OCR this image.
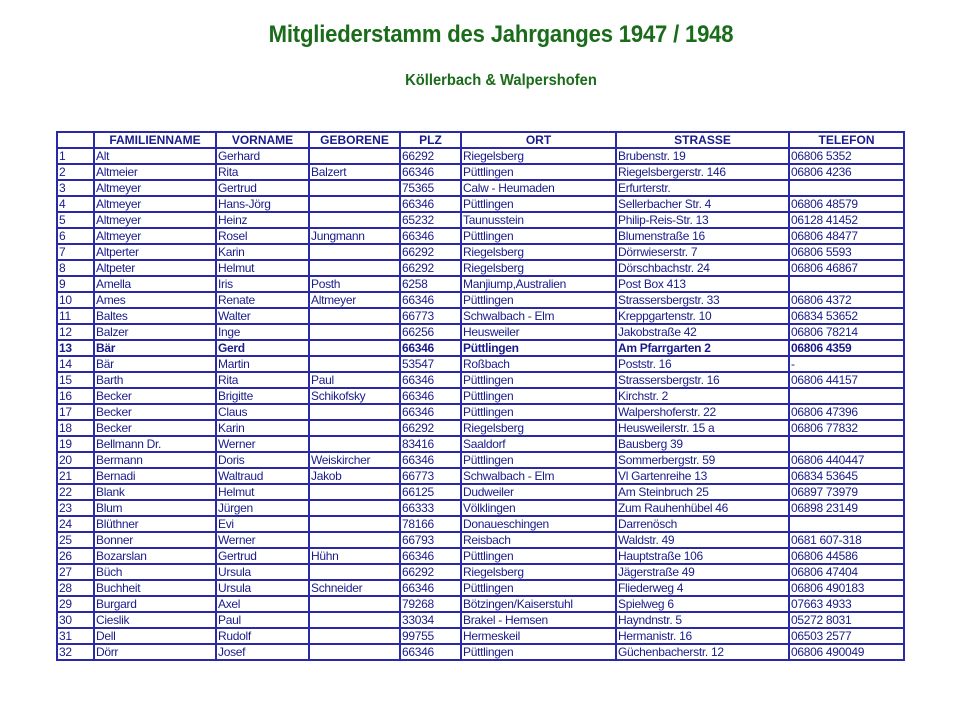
Mitgliederstamm des Jahrganges 1947 / 1948
Köllerbach & Walpershofen
	FAMILIENNAME	VORNAME	GEBORENE	PLZ	ORT	STRASSE	TELEFON
1	Alt	Gerhard		66292	Riegelsberg	Brubenstr. 19	06806 5352
2	Altmeier	Rita	Balzert	66346	Püttlingen	Riegelsbergerstr. 146	06806 4236
3	Altmeyer	Gertrud		75365	Calw - Heumaden	Erfurterstr.	
4	Altmeyer	Hans-Jörg		66346	Püttlingen	Sellerbacher Str. 4	06806 48579
5	Altmeyer	Heinz		65232	Taunusstein	Philip-Reis-Str. 13	06128 41452
6	Altmeyer	Rosel	Jungmann	66346	Püttlingen	Blumenstraße 16	06806 48477
7	Altperter	Karin		66292	Riegelsberg	Dörrwieserstr. 7	06806 5593
8	Altpeter	Helmut		66292	Riegelsberg	Dörschbachstr. 24	06806 46867
9	Amella	Iris	Posth	6258	Manjiump,Australien	Post Box 413	
10	Ames	Renate	Altmeyer	66346	Püttlingen	Strassersbergstr. 33	06806 4372
11	Baltes	Walter		66773	Schwalbach - Elm	Kreppgartenstr. 10	06834 53652
12	Balzer	Inge		66256	Heusweiler	Jakobstraße 42	06806 78214
13	Bär	Gerd		66346	Püttlingen	Am Pfarrgarten 2	06806 4359
14	Bär	Martin		53547	Roßbach	Poststr. 16	-
15	Barth	Rita	Paul	66346	Püttlingen	Strassersbergstr. 16	06806 44157
16	Becker	Brigitte	Schikofsky	66346	Püttlingen	Kirchstr. 2	
17	Becker	Claus		66346	Püttlingen	Walpershoferstr. 22	06806 47396
18	Becker	Karin		66292	Riegelsberg	Heusweilerstr. 15 a	06806 77832
19	Bellmann Dr.	Werner		83416	Saaldorf	Bausberg 39	
20	Bermann	Doris	Weiskircher	66346	Püttlingen	Sommerbergstr. 59	06806 440447
21	Bernadi	Waltraud	Jakob	66773	Schwalbach - Elm	Vl Gartenreihe 13	06834 53645
22	Blank	Helmut		66125	Dudweiler	Am Steinbruch 25	06897 73979
23	Blum	Jürgen		66333	Völklingen	Zum Rauhenhübel 46	06898 23149
24	Blüthner	Evi		78166	Donaueschingen	Darrenösch	
25	Bonner	Werner		66793	Reisbach	Waldstr. 49	0681 607-318
26	Bozarslan	Gertrud	Hühn	66346	Püttlingen	Hauptstraße 106	06806 44586
27	Büch	Ursula		66292	Riegelsberg	Jägerstraße 49	06806 47404
28	Buchheit	Ursula	Schneider	66346	Püttlingen	Fliederweg 4	06806 490183
29	Burgard	Axel		79268	Bötzingen/Kaiserstuhl	Spielweg 6	07663 4933
30	Cieslik	Paul		33034	Brakel - Hemsen	Hayndnstr. 5	05272 8031
31	Dell	Rudolf		99755	Hermeskeil	Hermanistr. 16	06503 2577
32	Dörr	Josef		66346	Püttlingen	Güchenbacherstr. 12	06806 490049
